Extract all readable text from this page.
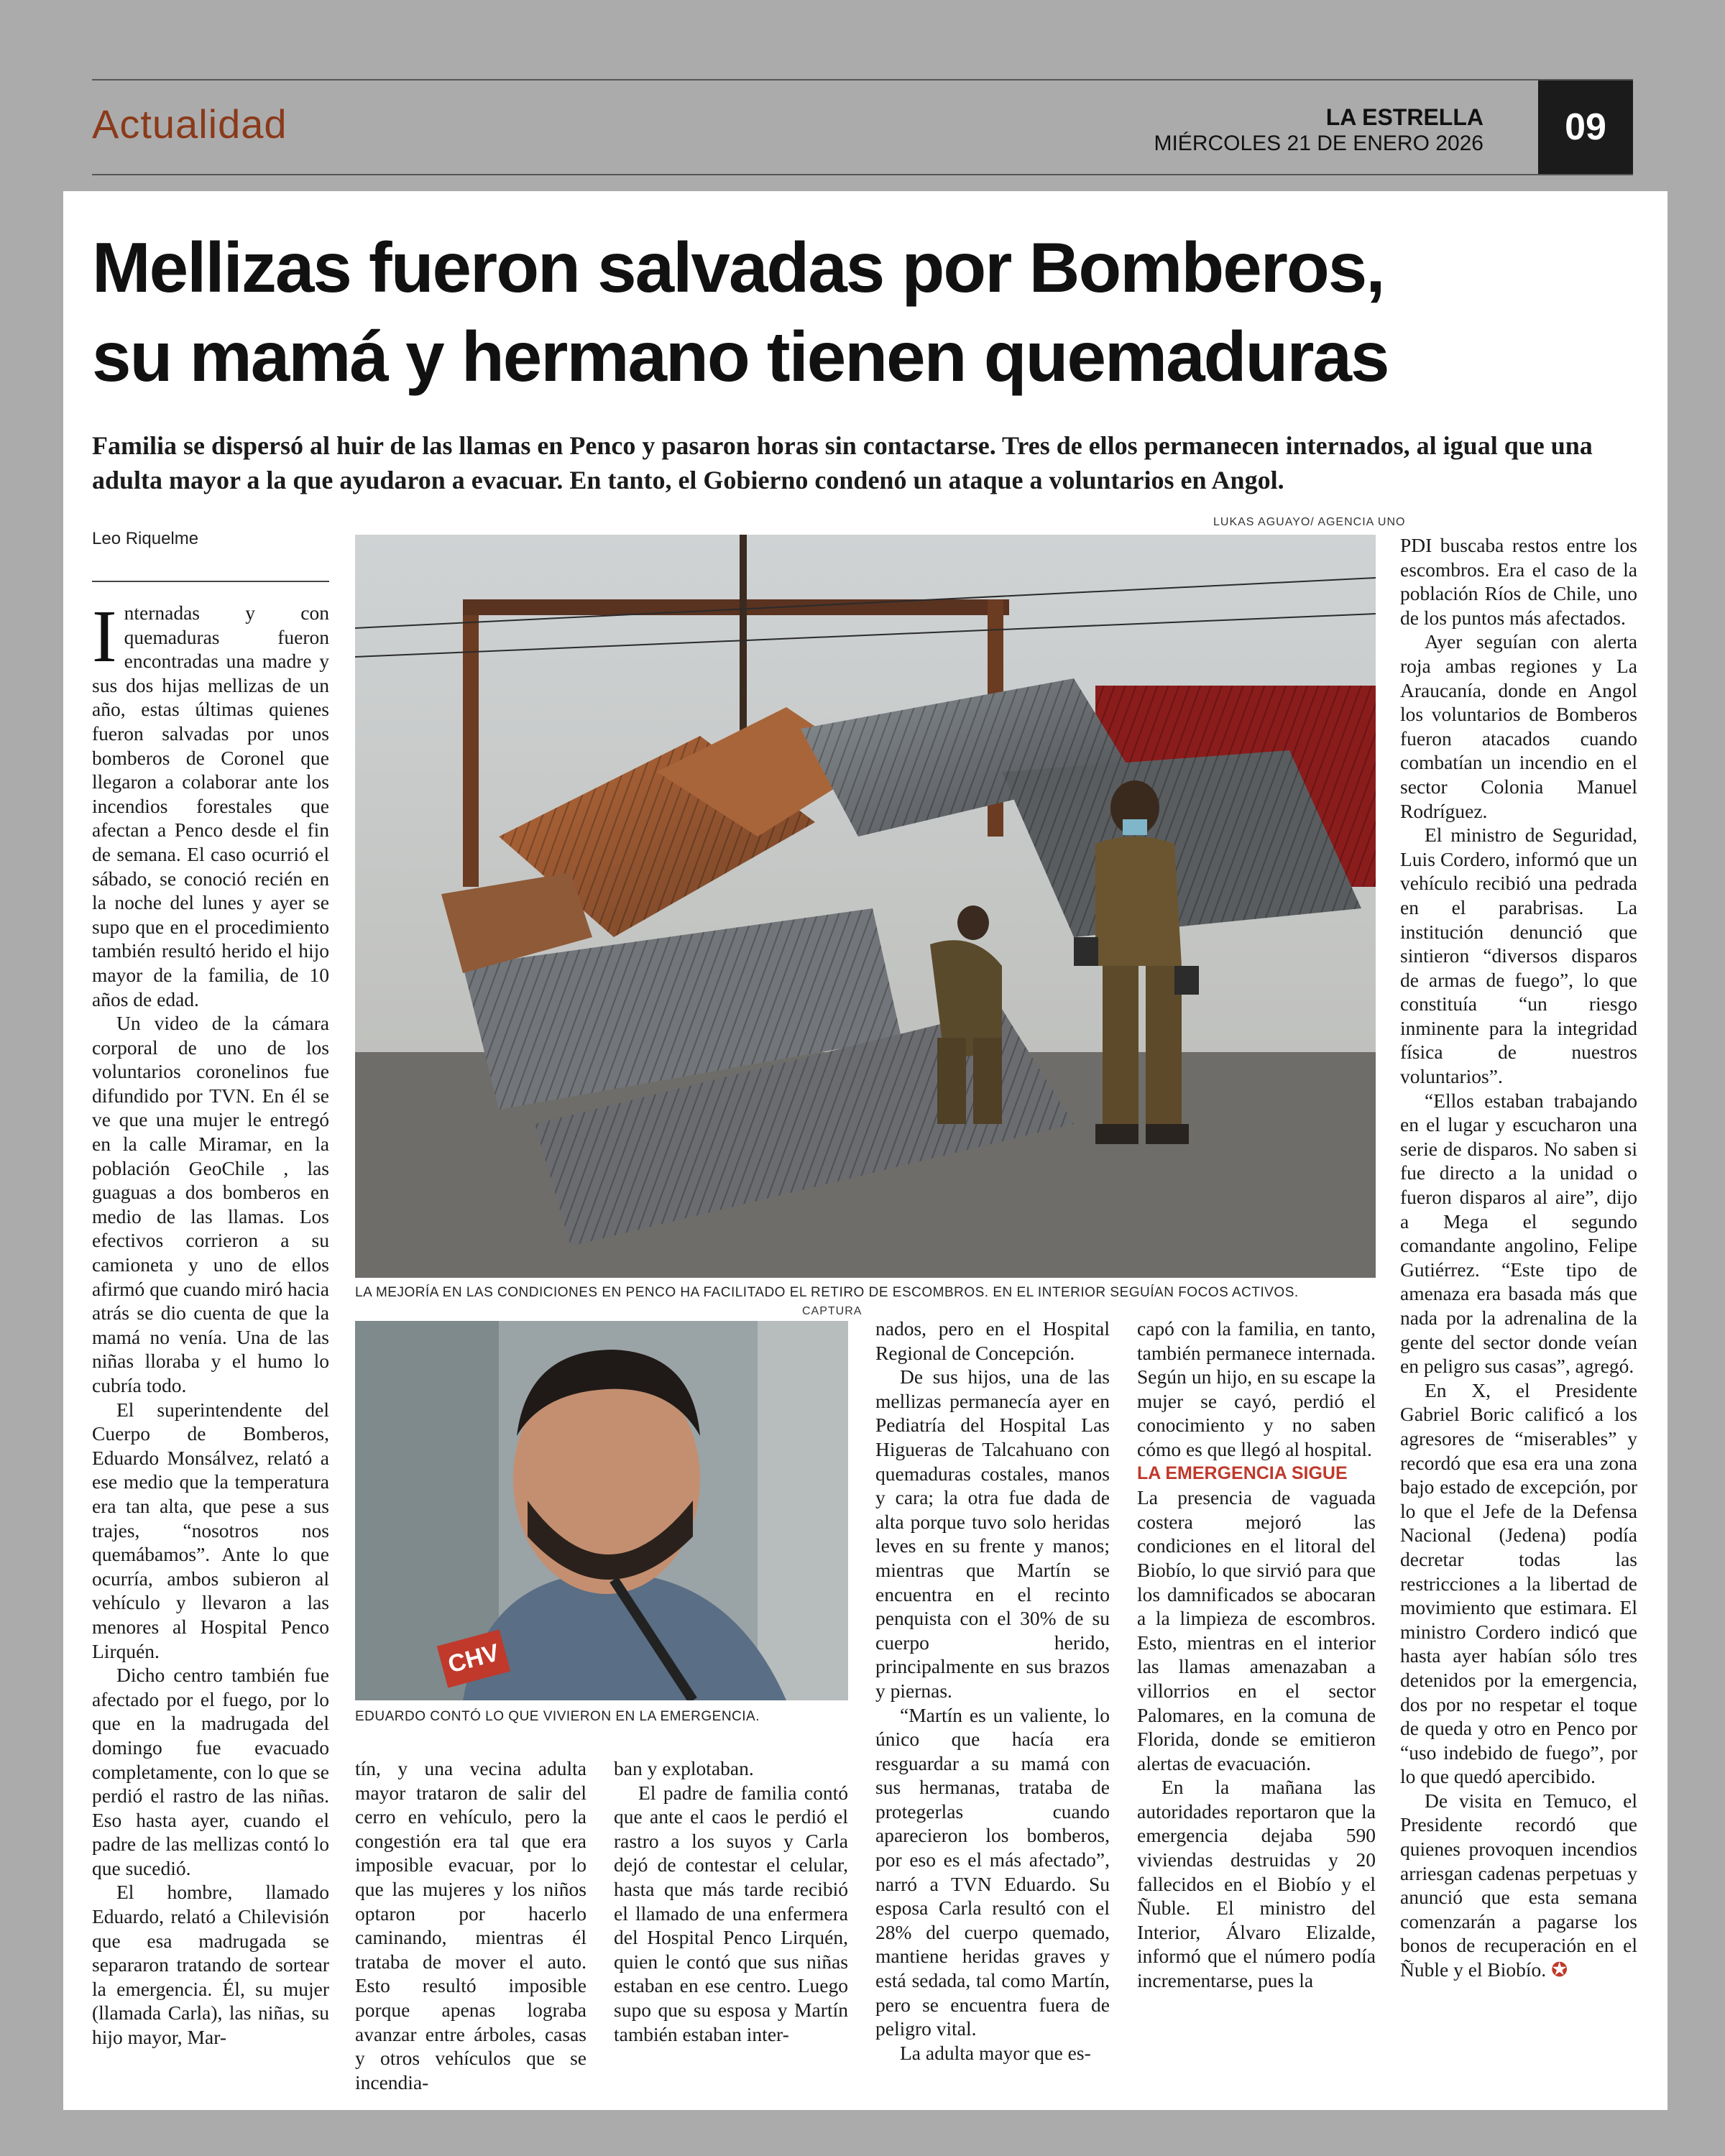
Actualidad	LA ESTRELLA
MIÉRCOLES 21 DE ENERO 2026	09
Mellizas fueron salvadas por Bomberos,
su mamá y hermano tienen quemaduras
Familia se dispersó al huir de las llamas en Penco y pasaron horas sin contactarse. Tres de ellos permanecen internados, al igual que una adulta mayor a la que ayudaron a evacuar. En tanto, el Gobierno condenó un ataque a voluntarios en Angol.
Leo Riquelme
LUKAS AGUAYO/ AGENCIA UNO
LA MEJORÍA EN LAS CONDICIONES EN PENCO HA FACILITADO EL RETIRO DE ESCOMBROS. EN EL INTERIOR SEGUÍAN FOCOS ACTIVOS.
CAPTURA
CHV
EDUARDO CONTÓ LO QUE VIVIERON EN LA EMERGENCIA.

Internadas y con quemaduras fueron encontradas una madre y sus dos hijas mellizas de un año, estas últimas quienes fueron salvadas por unos bomberos de Coronel que llegaron a colaborar ante los incendios forestales que afectan a Penco desde el fin de semana. El caso ocurrió el sábado, se conoció recién en la noche del lunes y ayer se supo que en el procedimiento también resultó herido el hijo mayor de la familia, de 10 años de edad.

Un video de la cámara corporal de uno de los voluntarios coronelinos fue difundido por TVN. En él se ve que una mujer le entregó en la calle Miramar, en la población GeoChile , las guaguas a dos bomberos en medio de las llamas. Los efectivos corrieron a su camioneta y uno de ellos afirmó que cuando miró hacia atrás se dio cuenta de que la mamá no venía. Una de las niñas lloraba y el humo lo cubría todo.

El superintendente del Cuerpo de Bomberos, Eduardo Monsálvez, relató a ese medio que la temperatura era tan alta, que pese a sus trajes, “nosotros nos quemábamos”. Ante lo que ocurría, ambos subieron al vehículo y llevaron a las menores al Hospital Penco Lirquén.

Dicho centro también fue afectado por el fuego, por lo que en la madrugada del domingo fue evacuado completamente, con lo que se perdió el rastro de las niñas. Eso hasta ayer, cuando el padre de las mellizas contó lo que sucedió.

El hombre, llamado Eduardo, relató a Chilevisión que esa madrugada se separaron tratando de sortear la emergencia. Él, su mujer (llamada Carla), las niñas, su hijo mayor, Mar-

tín, y una vecina adulta mayor trataron de salir del cerro en vehículo, pero la congestión era tal que era imposible evacuar, por lo que las mujeres y los niños optaron por hacerlo caminando, mientras él trataba de mover el auto. Esto resultó imposible porque apenas lograba avanzar entre árboles, casas y otros vehículos que se incendia-

ban y explotaban.

El padre de familia contó que ante el caos le perdió el rastro a los suyos y Carla dejó de contestar el celular, hasta que más tarde recibió el llamado de una enfermera del Hospital Penco Lirquén, quien le contó que sus niñas estaban en ese centro. Luego supo que su esposa y Martín también estaban inter-

nados, pero en el Hospital Regional de Concepción.

De sus hijos, una de las mellizas permanecía ayer en Pediatría del Hospital Las Higueras de Talcahuano con quemaduras costales, manos y cara; la otra fue dada de alta porque tuvo solo heridas leves en su frente y manos; mientras que Martín se encuentra en el recinto penquista con el 30% de su cuerpo herido, principalmente en sus brazos y piernas.

“Martín es un valiente, lo único que hacía era resguardar a su mamá con sus hermanas, trataba de protegerlas cuando aparecieron los bomberos, por eso es el más afectado”, narró a TVN Eduardo. Su esposa Carla resultó con el 28% del cuerpo quemado, mantiene heridas graves y está sedada, tal como Martín, pero se encuentra fuera de peligro vital.

La adulta mayor que es-

capó con la familia, en tanto, también permanece internada. Según un hijo, en su escape la mujer se cayó, perdió el conocimiento y no saben cómo es que llegó al hospital.

LA EMERGENCIA SIGUE

La presencia de vaguada costera mejoró las condiciones en el litoral del Biobío, lo que sirvió para que los damnificados se abocaran a la limpieza de escombros. Esto, mientras en el interior las llamas amenazaban a villorrios en el sector Palomares, en la comuna de Florida, donde se emitieron alertas de evacuación.

En la mañana las autoridades reportaron que la emergencia dejaba 590 viviendas destruidas y 20 fallecidos en el Biobío y el Ñuble. El ministro del Interior, Álvaro Elizalde, informó que el número podía incrementarse, pues la

PDI buscaba restos entre los escombros. Era el caso de la población Ríos de Chile, uno de los puntos más afectados.

Ayer seguían con alerta roja ambas regiones y La Araucanía, donde en Angol los voluntarios de Bomberos fueron atacados cuando combatían un incendio en el sector Colonia Manuel Rodríguez.

El ministro de Seguridad, Luis Cordero, informó que un vehículo recibió una pedrada en el parabrisas. La institución denunció que sintieron “diversos disparos de armas de fuego”, lo que constituía “un riesgo inminente para la integridad física de nuestros voluntarios”.

“Ellos estaban trabajando en el lugar y escucharon una serie de disparos. No saben si fue directo a la unidad o fueron disparos al aire”, dijo a Mega el segundo comandante angolino, Felipe Gutiérrez. “Este tipo de amenaza era basada más que nada por la adrenalina de la gente del sector donde veían en peligro sus casas”, agregó.

En X, el Presidente Gabriel Boric calificó a los agresores de “miserables” y recordó que esa era una zona bajo estado de excepción, por lo que el Jefe de la Defensa Nacional (Jedena) podía decretar todas las restricciones a la libertad de movimiento que estimara. El ministro Cordero indicó que hasta ayer habían sólo tres detenidos por la emergencia, dos por no respetar el toque de queda y otro en Penco por “uso indebido de fuego”, por lo que quedó apercibido.

De visita en Temuco, el Presidente recordó que quienes provoquen incendios arriesgan cadenas perpetuas y anunció que esta semana comenzarán a pagarse los bonos de recuperación en el Ñuble y el Biobío. ✪
